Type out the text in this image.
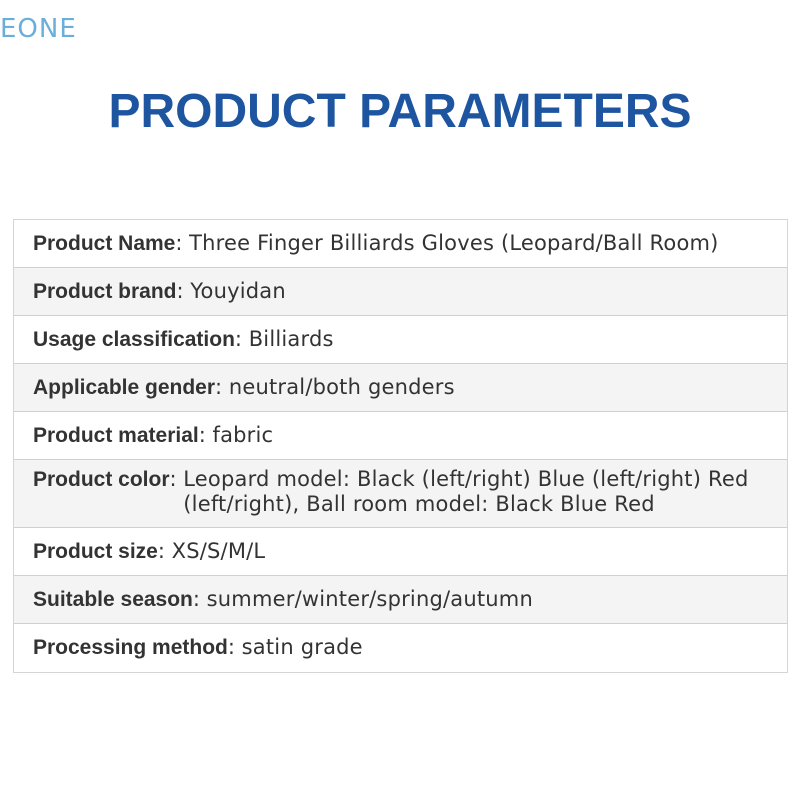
EONE
PRODUCT PARAMETERS
Product Name : Three Finger Billiards Gloves (Leopard/Ball Room)
Product brand : Youyidan
Usage classification : Billiards
Applicable gender : neutral/both genders
Product material : fabric
Product color : Leopard model: Black (left/right) Blue (left/right) Red (left/right), Ball room model: Black Blue Red
Product size : XS/S/M/L
Suitable season : summer/winter/spring/autumn
Processing method : satin grade
